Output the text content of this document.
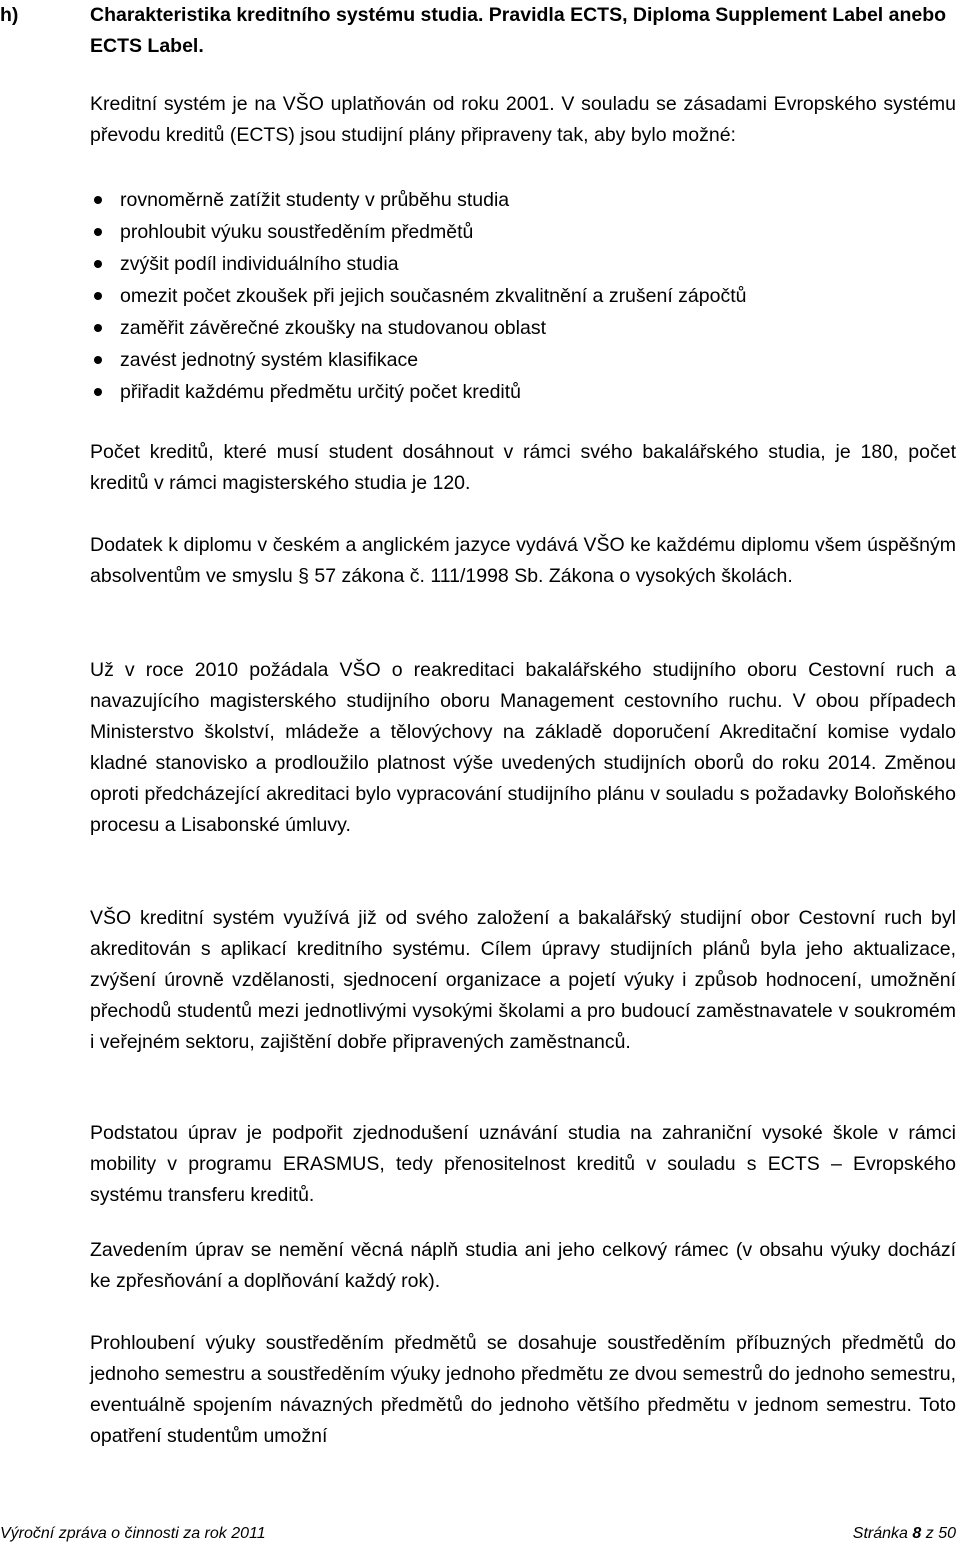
h)	Charakteristika kreditního systému studia. Pravidla ECTS, Diploma Supplement Label anebo ECTS Label.
Kreditní systém je na VŠO uplatňován od roku 2001. V souladu se zásadami Evropského systému převodu kreditů (ECTS) jsou studijní plány připraveny tak, aby bylo možné:
rovnoměrně zatížit studenty v průběhu studia
prohloubit výuku soustředěním předmětů
zvýšit podíl individuálního studia
omezit počet zkoušek při jejich současném zkvalitnění a zrušení zápočtů
zaměřit závěrečné zkoušky na studovanou oblast
zavést jednotný systém klasifikace
přiřadit každému předmětu určitý počet kreditů
Počet kreditů, které musí student dosáhnout v rámci svého bakalářského studia, je 180, počet kreditů v rámci magisterského studia je 120.
Dodatek k diplomu v českém a anglickém jazyce vydává VŠO ke každému diplomu všem úspěšným absolventům ve smyslu § 57 zákona č. 111/1998 Sb. Zákona o vysokých školách.
Už v roce 2010 požádala VŠO o reakreditaci bakalářského studijního oboru Cestovní ruch a navazujícího magisterského studijního oboru Management cestovního ruchu. V obou případech Ministerstvo školství, mládeže a tělovýchovy na základě doporučení Akreditační komise vydalo kladné stanovisko a prodloužilo platnost výše uvedených studijních oborů do roku 2014. Změnou oproti předcházející akreditaci bylo vypracování studijního plánu v souladu s požadavky Boloňského procesu a Lisabonské úmluvy.
VŠO kreditní systém využívá již od svého založení a bakalářský studijní obor Cestovní ruch byl akreditován s aplikací kreditního systému. Cílem úpravy studijních plánů byla jeho aktualizace, zvýšení úrovně vzdělanosti, sjednocení organizace a pojetí výuky i způsob hodnocení, umožnění přechodů studentů mezi jednotlivými vysokými školami a pro budoucí zaměstnavatele v soukromém i veřejném sektoru, zajištění dobře připravených zaměstnanců.
Podstatou úprav je podpořit zjednodušení uznávání studia na zahraniční vysoké škole v rámci mobility v programu ERASMUS, tedy přenositelnost kreditů v souladu s ECTS – Evropského systému transferu kreditů.
Zavedením úprav se nemění věcná náplň studia ani jeho celkový rámec (v obsahu výuky dochází ke zpřesňování a doplňování každý rok).
Prohloubení výuky soustředěním předmětů se dosahuje soustředěním příbuzných předmětů do jednoho semestru a soustředěním výuky jednoho předmětu ze dvou semestrů do jednoho semestru, eventuálně spojením návazných předmětů do jednoho většího předmětu v jednom semestru. Toto opatření studentům umožní
Výroční zpráva o činnosti za rok 2011	Stránka 8 z 50
